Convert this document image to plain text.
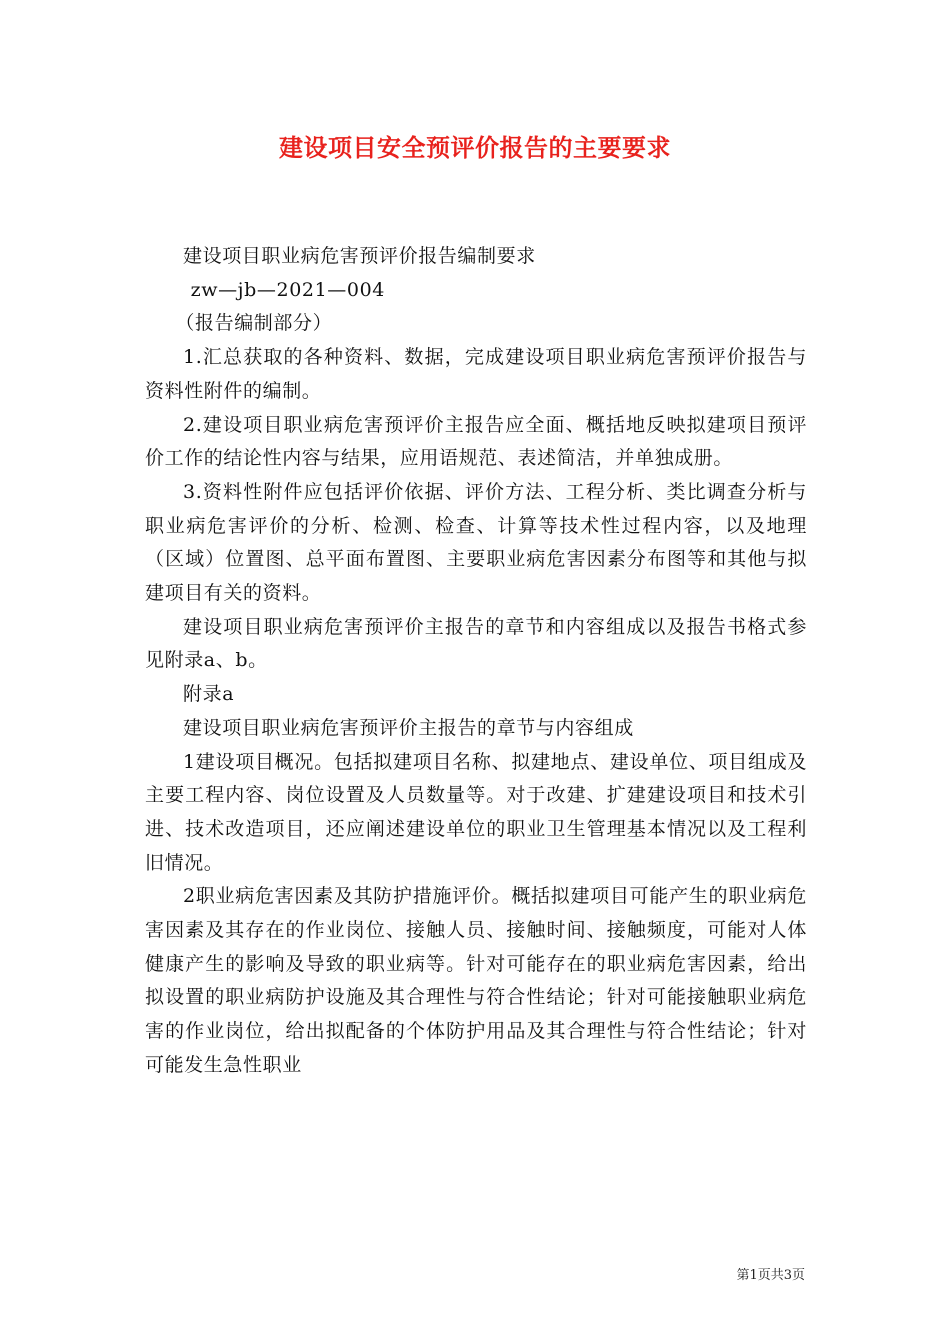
建设项目安全预评价报告的主要要求

建设项目职业病危害预评价报告编制要求

zw—jb—2021—004

（报告编制部分）

1.汇总获取的各种资料、数据，完成建设项目职业病危害预评价报告与资料性附件的编制。

2.建设项目职业病危害预评价主报告应全面、概括地反映拟建项目预评价工作的结论性内容与结果，应用语规范、表述简洁，并单独成册。

3.资料性附件应包括评价依据、评价方法、工程分析、类比调查分析与职业病危害评价的分析、检测、检查、计算等技术性过程内容，以及地理（区域）位置图、总平面布置图、主要职业病危害因素分布图等和其他与拟建项目有关的资料。

建设项目职业病危害预评价主报告的章节和内容组成以及报告书格式参见附录a、b。

附录a

建设项目职业病危害预评价主报告的章节与内容组成

1建设项目概况。包括拟建项目名称、拟建地点、建设单位、项目组成及主要工程内容、岗位设置及人员数量等。对于改建、扩建建设项目和技术引进、技术改造项目，还应阐述建设单位的职业卫生管理基本情况以及工程利旧情况。

2职业病危害因素及其防护措施评价。概括拟建项目可能产生的职业病危害因素及其存在的作业岗位、接触人员、接触时间、接触频度，可能对人体健康产生的影响及导致的职业病等。针对可能存在的职业病危害因素，给出拟设置的职业病防护设施及其合理性与符合性结论；针对可能接触职业病危害的作业岗位，给出拟配备的个体防护用品及其合理性与符合性结论；针对可能发生急性职业

第1页共3页
